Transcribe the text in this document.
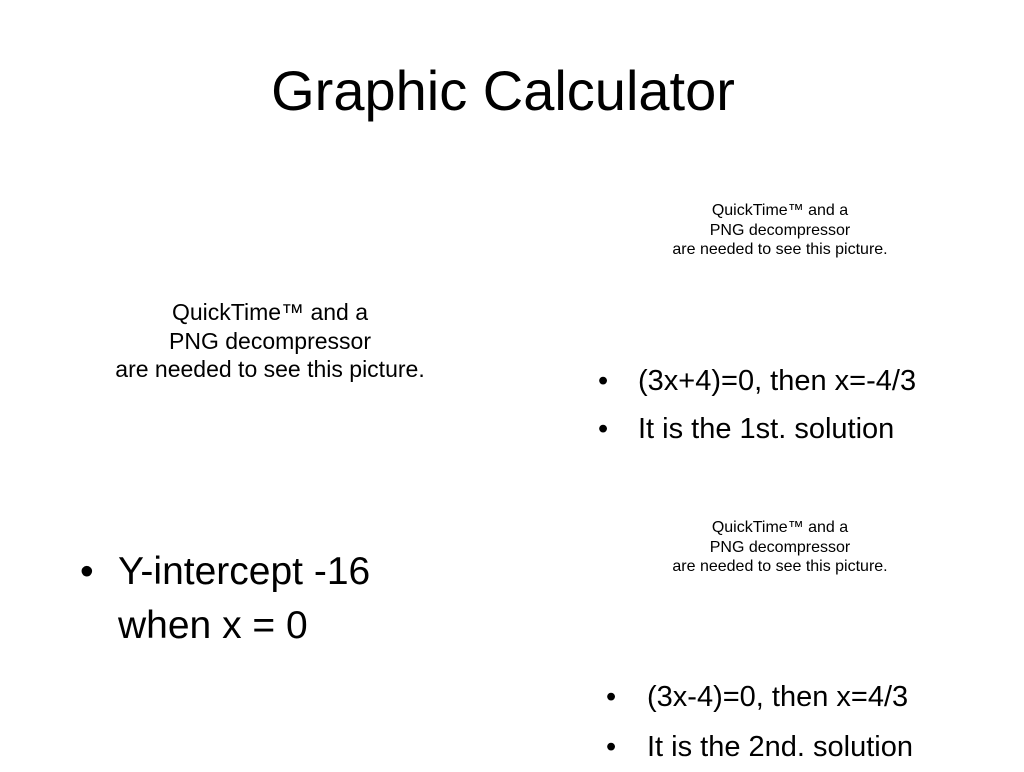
Graphic Calculator
QuickTime™ and a
PNG decompressor
are needed to see this picture.
QuickTime™ and a
PNG decompressor
are needed to see this picture.
• (3x+4)=0, then x=-4/3
• It is the 1st. solution
QuickTime™ and a
PNG decompressor
are needed to see this picture.
• Y-intercept -16 when x = 0
• (3x-4)=0, then x=4/3
• It is the 2nd. solution
